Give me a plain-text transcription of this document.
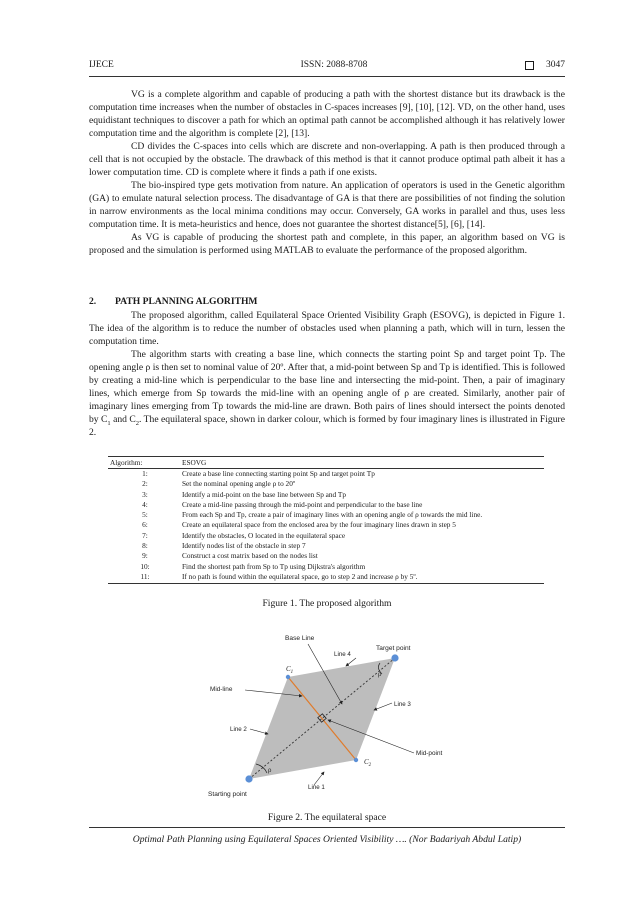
IJECE	ISSN: 2088-8708	3047

VG is a complete algorithm and capable of producing a path with the shortest distance but its drawback is the computation time increases when the number of obstacles in C-spaces increases [9], [10], [12]. VD, on the other hand, uses equidistant techniques to discover a path for which an optimal path cannot be accomplished although it has relatively lower computation time and the algorithm is complete [2], [13].

CD divides the C-spaces into cells which are discrete and non-overlapping. A path is then produced through a cell that is not occupied by the obstacle. The drawback of this method is that it cannot produce optimal path albeit it has a lower computation time. CD is complete where it finds a path if one exists.

The bio-inspired type gets motivation from nature. An application of operators is used in the Genetic algorithm (GA) to emulate natural selection process. The disadvantage of GA is that there are possibilities of not finding the solution in narrow environments as the local minima conditions may occur. Conversely, GA works in parallel and thus, uses less computation time. It is meta-heuristics and hence, does not guarantee the shortest distance[5], [6], [14].

As VG is capable of producing the shortest path and complete, in this paper, an algorithm based on VG is proposed and the simulation is performed using MATLAB to evaluate the performance of the proposed algorithm.

2.	PATH PLANNING ALGORITHM

The proposed algorithm, called Equilateral Space Oriented Visibility Graph (ESOVG), is depicted in Figure 1. The idea of the algorithm is to reduce the number of obstacles used when planning a path, which will in turn, lessen the computation time.

The algorithm starts with creating a base line, which connects the starting point Sp and target point Tp. The opening angle ρ is then set to nominal value of 20º. After that, a mid-point between Sp and Tp is identified. This is followed by creating a mid-line which is perpendicular to the base line and intersecting the mid-point. Then, a pair of imaginary lines, which emerge from Sp towards the mid-line with an opening angle of ρ are created. Similarly, another pair of imaginary lines emerging from Tp towards the mid-line are drawn. Both pairs of lines should intersect the points denoted by $C_1$ and $C_2$. The equilateral space, shown in darker colour, which is formed by four imaginary lines is illustrated in Figure 2.

Algorithm:	ESOVG
1:	Create a base line connecting starting point Sp and target point Tp
2:	Set the nominal opening angle ρ to 20º
3:	Identify a mid-point on the base line between Sp and Tp
4:	Create a mid-line passing through the mid-point and perpendicular to the base line
5:	From each Sp and Tp, create a pair of imaginary lines with an opening angle of ρ towards the mid line.
6:	Create an equilateral space from the enclosed area by the four imaginary lines drawn in step 5
7:	Identify the obstacles, O located in the equilateral space
8:	Identify nodes list of the obstacle in step 7
9:	Construct a cost matrix based on the nodes list
10:	Find the shortest path from Sp to Tp using Dijkstra's algorithm
11:	If no path is found within the equilateral space, go to step 2 and increase ρ by 5º.
Figure 1. The proposed algorithm
Base Line
Target point
Line 4
$C_1$	ρ
Mid-line
Line 3
Line 2
Mid-point
$C_2$
ρ
Starting point
Line 1
Figure 2. The equilateral space
Optimal Path Planning using Equilateral Spaces Oriented Visibility …. (Nor Badariyah Abdul Latip)
